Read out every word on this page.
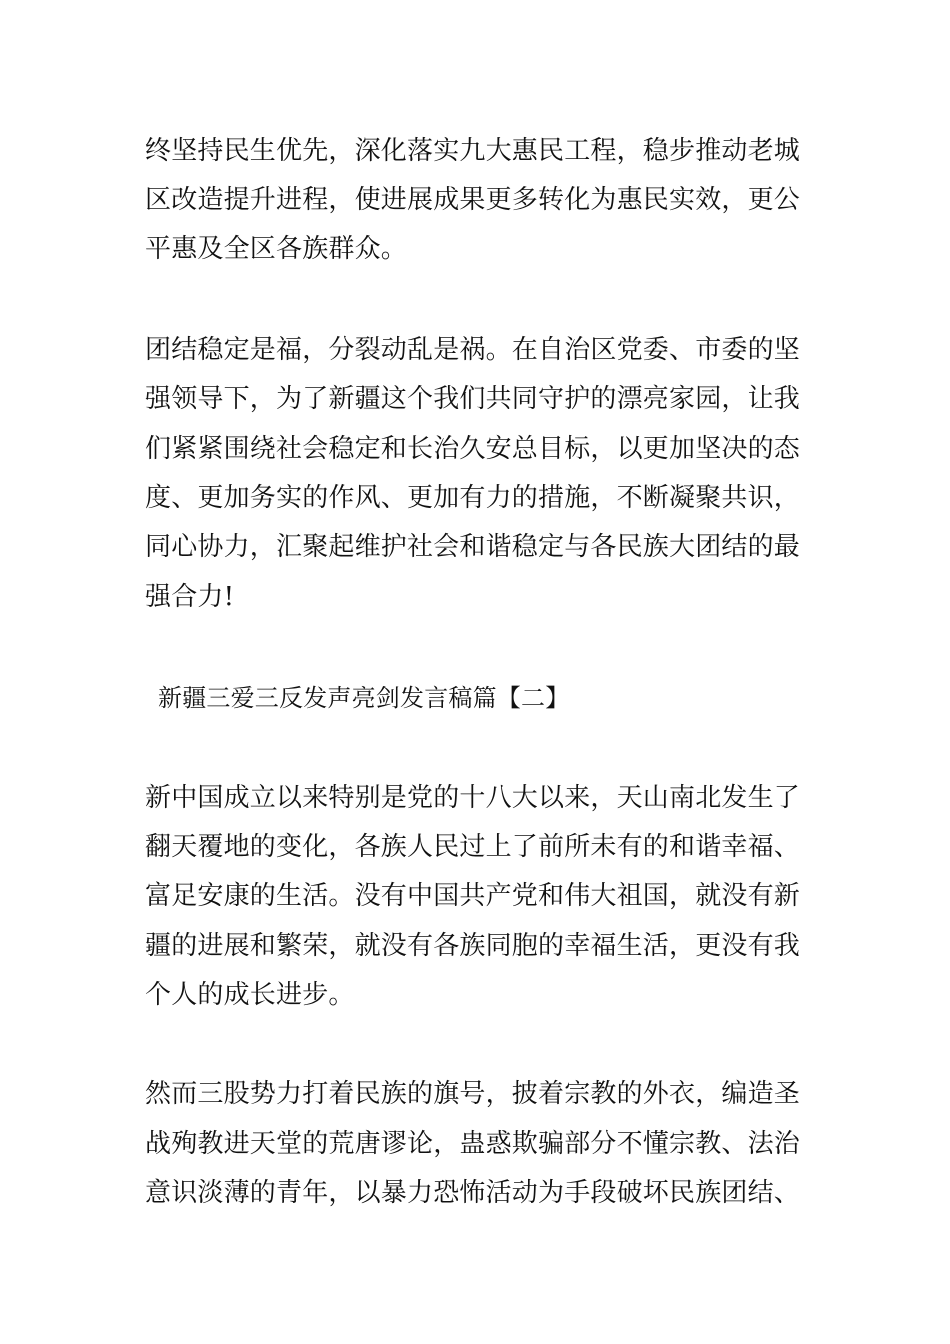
终坚持民生优先，深化落实九大惠民工程，稳步推动老城
区改造提升进程，使进展成果更多转化为惠民实效，更公
平惠及全区各族群众。
团结稳定是福，分裂动乱是祸。在自治区党委、市委的坚
强领导下，为了新疆这个我们共同守护的漂亮家园，让我
们紧紧围绕社会稳定和长治久安总目标，以更加坚决的态
度、更加务实的作风、更加有力的措施，不断凝聚共识，
同心协力，汇聚起维护社会和谐稳定与各民族大团结的最
强合力!
新疆三爱三反发声亮剑发言稿篇【二】
新中国成立以来特别是党的十八大以来，天山南北发生了
翻天覆地的变化，各族人民过上了前所未有的和谐幸福、
富足安康的生活。没有中国共产党和伟大祖国，就没有新
疆的进展和繁荣，就没有各族同胞的幸福生活，更没有我
个人的成长进步。
然而三股势力打着民族的旗号，披着宗教的外衣，编造圣
战殉教进天堂的荒唐谬论，蛊惑欺骗部分不懂宗教、法治
意识淡薄的青年，以暴力恐怖活动为手段破坏民族团结、
